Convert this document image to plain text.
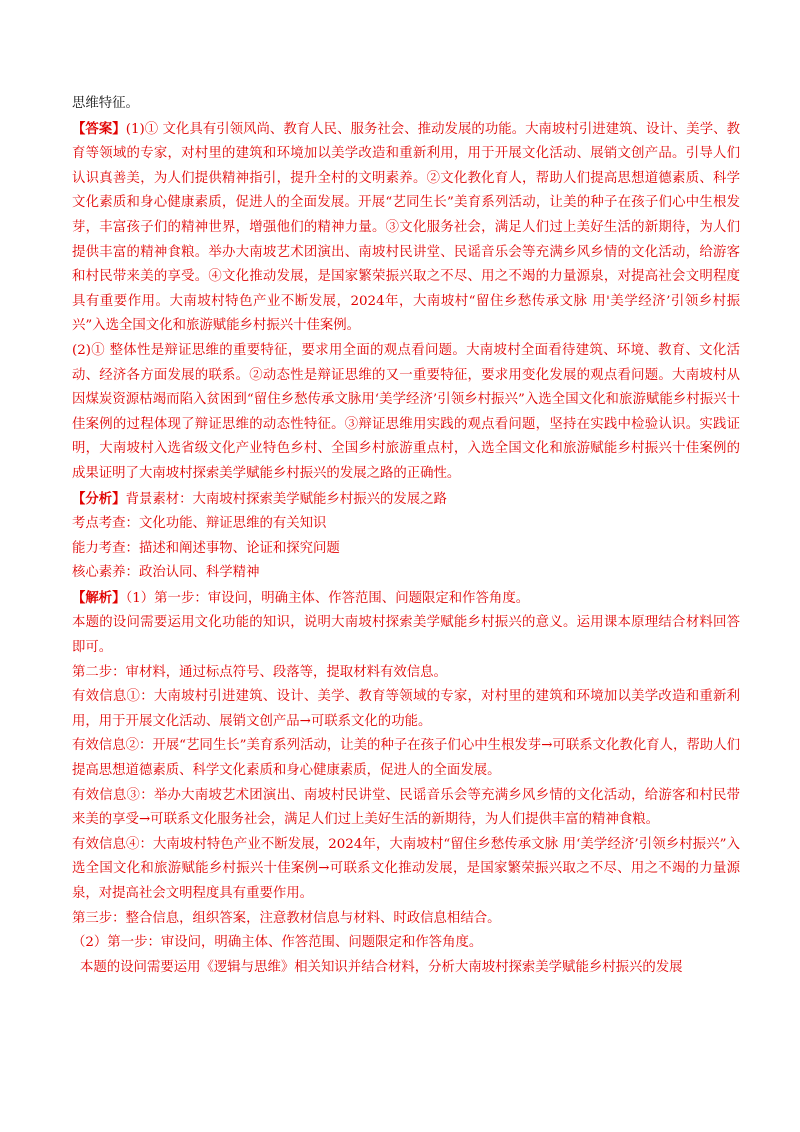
思维特征。

【答案】(1)① 文化具有引领风尚、教育人民、服务社会、推动发展的功能。大南坡村引进建筑、设计、美学、教育等领域的专家，对村里的建筑和环境加以美学改造和重新利用，用于开展文化活动、展销文创产品。引导人们认识真善美，为人们提供精神指引，提升全村的文明素养。②文化教化育人，帮助人们提高思想道德素质、科学文化素质和身心健康素质，促进人的全面发展。开展“艺同生长”美育系列活动，让美的种子在孩子们心中生根发芽，丰富孩子们的精神世界，增强他们的精神力量。③文化服务社会，满足人们过上美好生活的新期待，为人们提供丰富的精神食粮。举办大南坡艺术团演出、南坡村民讲堂、民谣音乐会等充满乡风乡情的文化活动，给游客和村民带来美的享受。④文化推动发展，是国家繁荣振兴取之不尽、用之不竭的力量源泉，对提高社会文明程度具有重要作用。大南坡村特色产业不断发展，2024年，大南坡村“留住乡愁传承文脉 用'美学经济’引领乡村振兴”入选全国文化和旅游赋能乡村振兴十佳案例。

(2)① 整体性是辩证思维的重要特征，要求用全面的观点看问题。大南坡村全面看待建筑、环境、教育、文化活动、经济各方面发展的联系。②动态性是辩证思维的又一重要特征，要求用变化发展的观点看问题。大南坡村从因煤炭资源枯竭而陷入贫困到“留住乡愁传承文脉用‘美学经济’引领乡村振兴”入选全国文化和旅游赋能乡村振兴十佳案例的过程体现了辩证思维的动态性特征。③辩证思维用实践的观点看问题，坚持在实践中检验认识。实践证明，大南坡村入选省级文化产业特色乡村、全国乡村旅游重点村，入选全国文化和旅游赋能乡村振兴十佳案例的成果证明了大南坡村探索美学赋能乡村振兴的发展之路的正确性。

【分析】背景素材：大南坡村探索美学赋能乡村振兴的发展之路

考点考查：文化功能、辩证思维的有关知识

能力考查：描述和阐述事物、论证和探究问题

核心素养：政治认同、科学精神

【解析】（1）第一步：审设问，明确主体、作答范围、问题限定和作答角度。

本题的设问需要运用文化功能的知识，说明大南坡村探索美学赋能乡村振兴的意义。运用课本原理结合材料回答即可。

第二步：审材料，通过标点符号、段落等，提取材料有效信息。

有效信息①：大南坡村引进建筑、设计、美学、教育等领域的专家，对村里的建筑和环境加以美学改造和重新利用，用于开展文化活动、展销文创产品→可联系文化的功能。

有效信息②：开展“艺同生长”美育系列活动，让美的种子在孩子们心中生根发芽→可联系文化教化育人，帮助人们提高思想道德素质、科学文化素质和身心健康素质，促进人的全面发展。

有效信息③：举办大南坡艺术团演出、南坡村民讲堂、民谣音乐会等充满乡风乡情的文化活动，给游客和村民带来美的享受→可联系文化服务社会，满足人们过上美好生活的新期待，为人们提供丰富的精神食粮。

有效信息④：大南坡村特色产业不断发展，2024年，大南坡村“留住乡愁传承文脉 用‘美学经济’引领乡村振兴”入选全国文化和旅游赋能乡村振兴十佳案例→可联系文化推动发展，是国家繁荣振兴取之不尽、用之不竭的力量源泉，对提高社会文明程度具有重要作用。

第三步：整合信息，组织答案，注意教材信息与材料、时政信息相结合。

（2）第一步：审设问，明确主体、作答范围、问题限定和作答角度。

本题的设问需要运用《逻辑与思维》相关知识并结合材料，分析大南坡村探索美学赋能乡村振兴的发展
